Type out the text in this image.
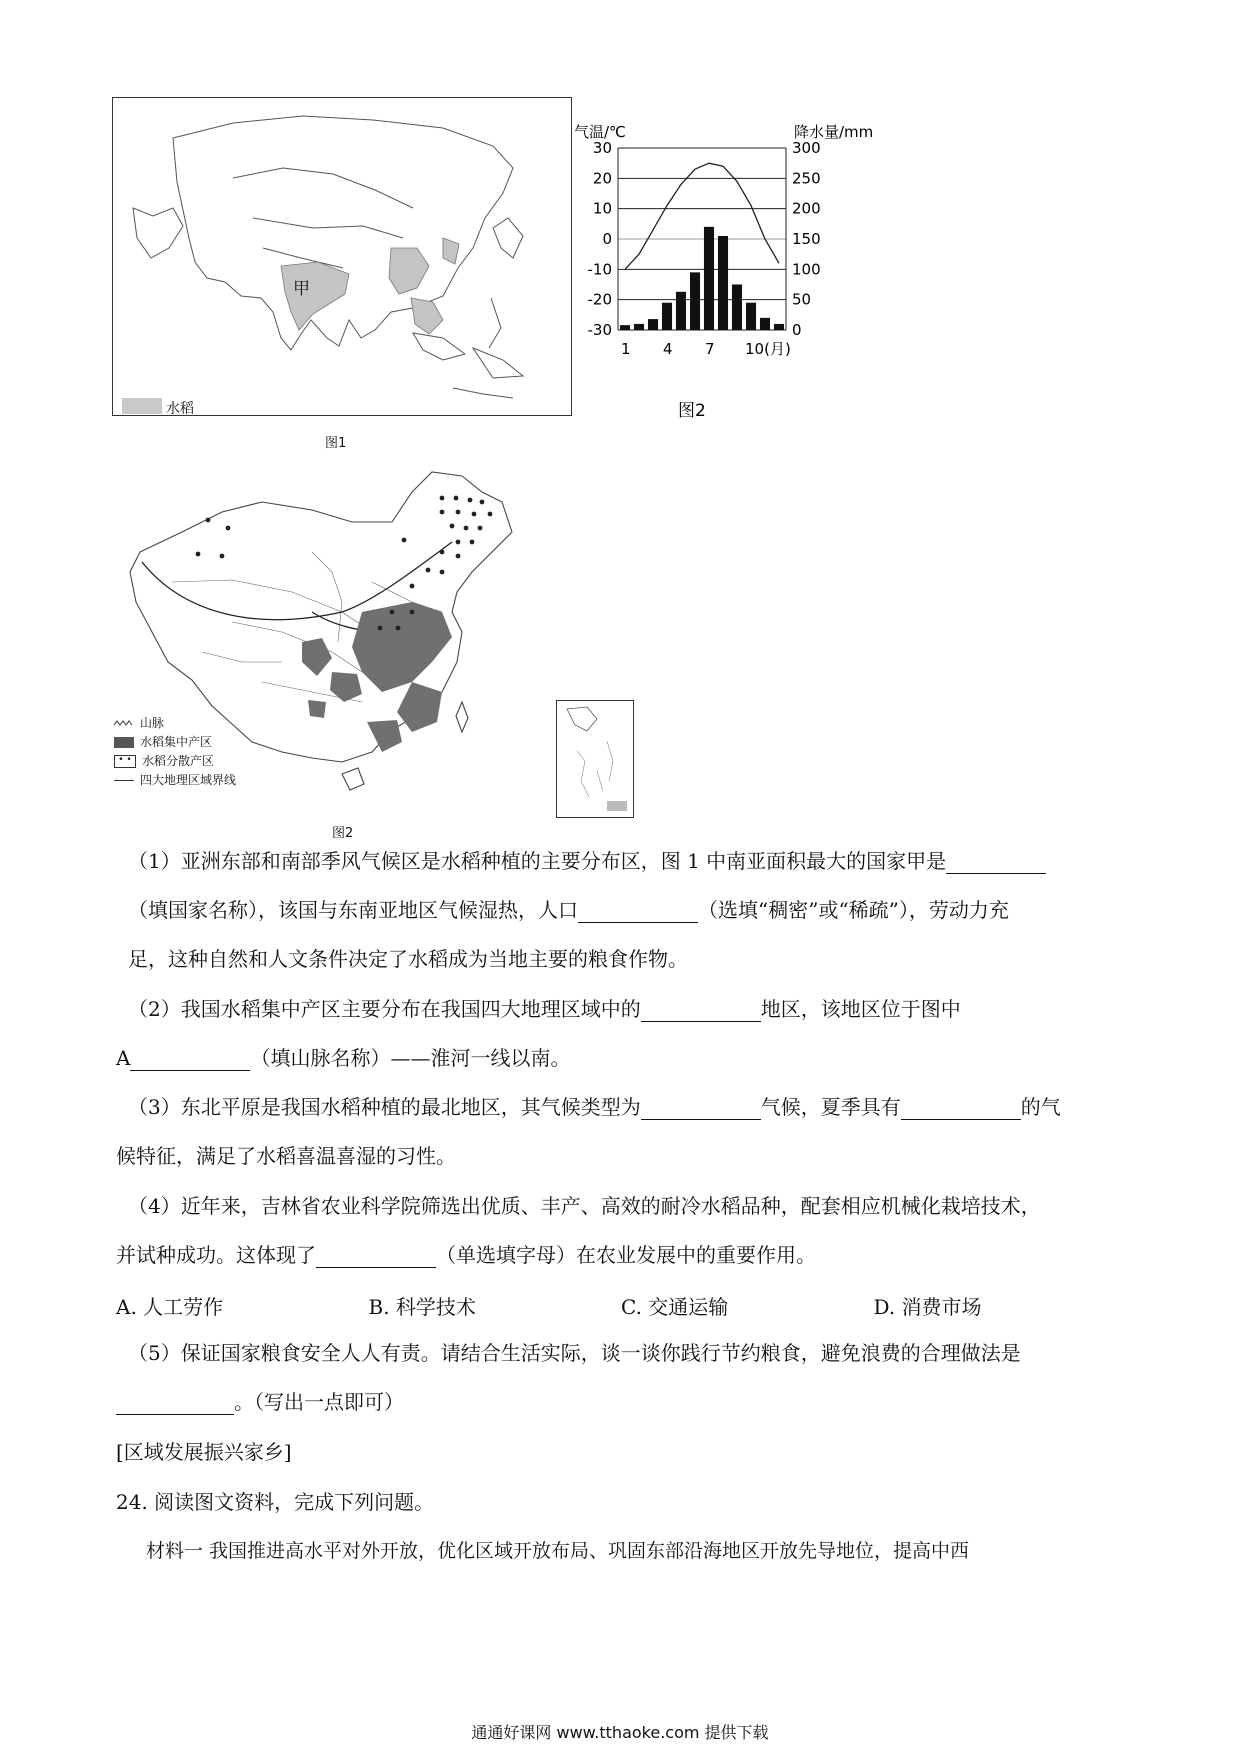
甲
水稻
图1
气温/℃	降水量/mm
30	300
20	250
10	200
0	150
-10	100
-20	50
-30	0
1 4 7 10(月)
图2
山脉
水稻集中产区
• • 水稻分散产区
四大地理区域界线
图2
（1）亚洲东部和南部季风气候区是水稻种植的主要分布区，图 1 中南亚面积最大的国家甲是
（填国家名称），该国与东南亚地区气候湿热，人口	（选填“稠密”或“稀疏”），劳动力充
足，这种自然和人文条件决定了水稻成为当地主要的粮食作物。
（2）我国水稻集中产区主要分布在我国四大地理区域中的	地区，该地区位于图中
A	（填山脉名称）——淮河一线以南。
（3）东北平原是我国水稻种植的最北地区，其气候类型为	气候，夏季具有	的气
候特征，满足了水稻喜温喜湿的习性。
（4）近年来，吉林省农业科学院筛选出优质、丰产、高效的耐冷水稻品种，配套相应机械化栽培技术，
并试种成功。这体现了	（单选填字母）在农业发展中的重要作用。
A. 人工劳作	B. 科学技术	C. 交通运输	D. 消费市场
（5）保证国家粮食安全人人有责。请结合生活实际，谈一谈你践行节约粮食，避免浪费的合理做法是
。（写出一点即可）
[区域发展振兴家乡]
24. 阅读图文资料，完成下列问题。
材料一 我国推进高水平对外开放，优化区域开放布局、巩固东部沿海地区开放先导地位，提高中西
通通好课网 www.tthaoke.com 提供下载
